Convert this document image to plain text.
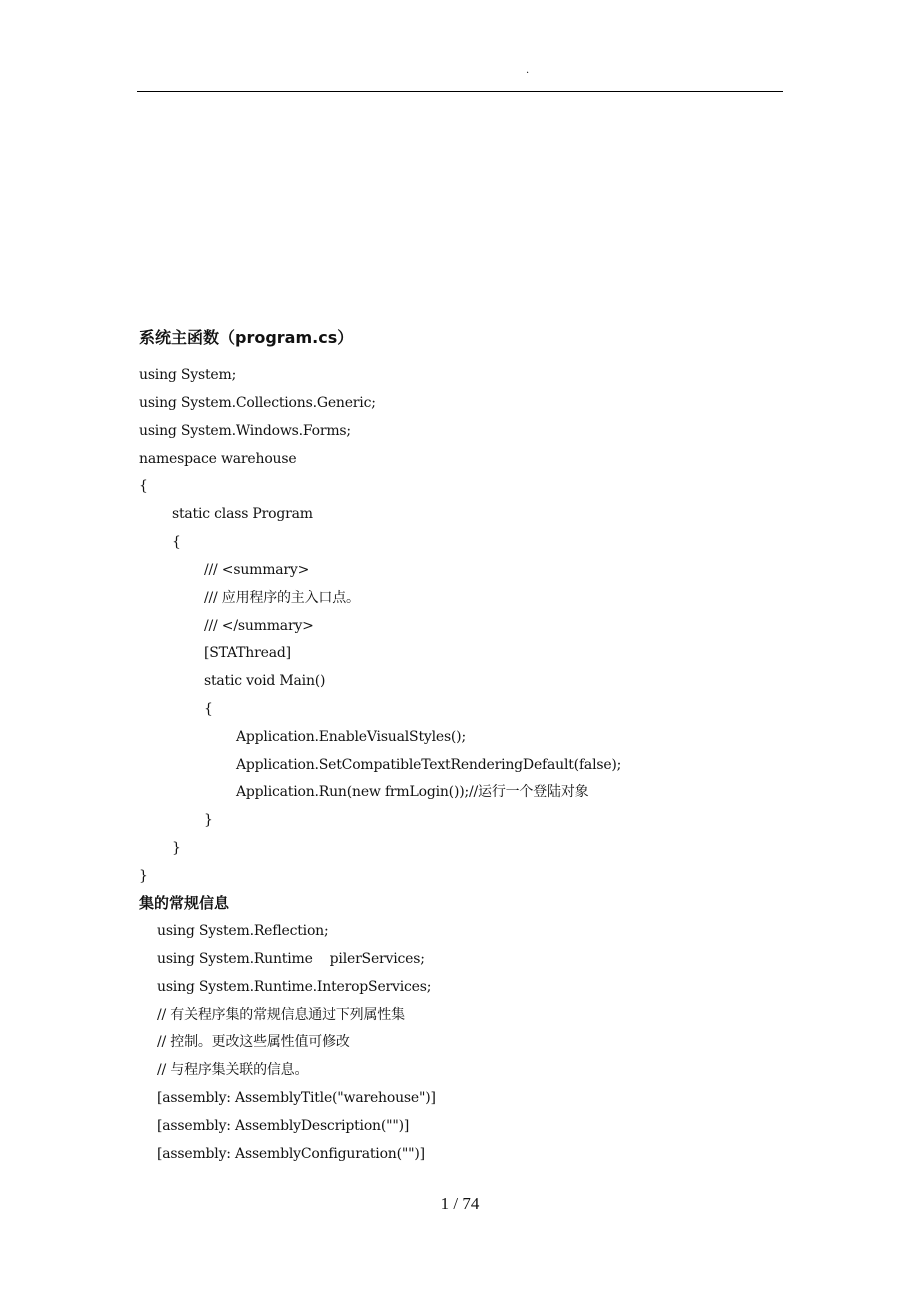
.
系统主函数（program.cs）
using System;
using System.Collections.Generic;
using System.Windows.Forms;
namespace warehouse
{
static class Program
{
/// <summary>
/// 应用程序的主入口点。
/// </summary>
[STAThread]
static void Main()
{
Application.EnableVisualStyles();
Application.SetCompatibleTextRenderingDefault(false);
Application.Run(new frmLogin());//运行一个登陆对象
}
}
}
集的常规信息
using System.Reflection;
using System.Runtime    pilerServices;
using System.Runtime.InteropServices;
// 有关程序集的常规信息通过下列属性集
// 控制。更改这些属性值可修改
// 与程序集关联的信息。
[assembly: AssemblyTitle("warehouse")]
[assembly: AssemblyDescription("")]
[assembly: AssemblyConfiguration("")]
1 / 74
